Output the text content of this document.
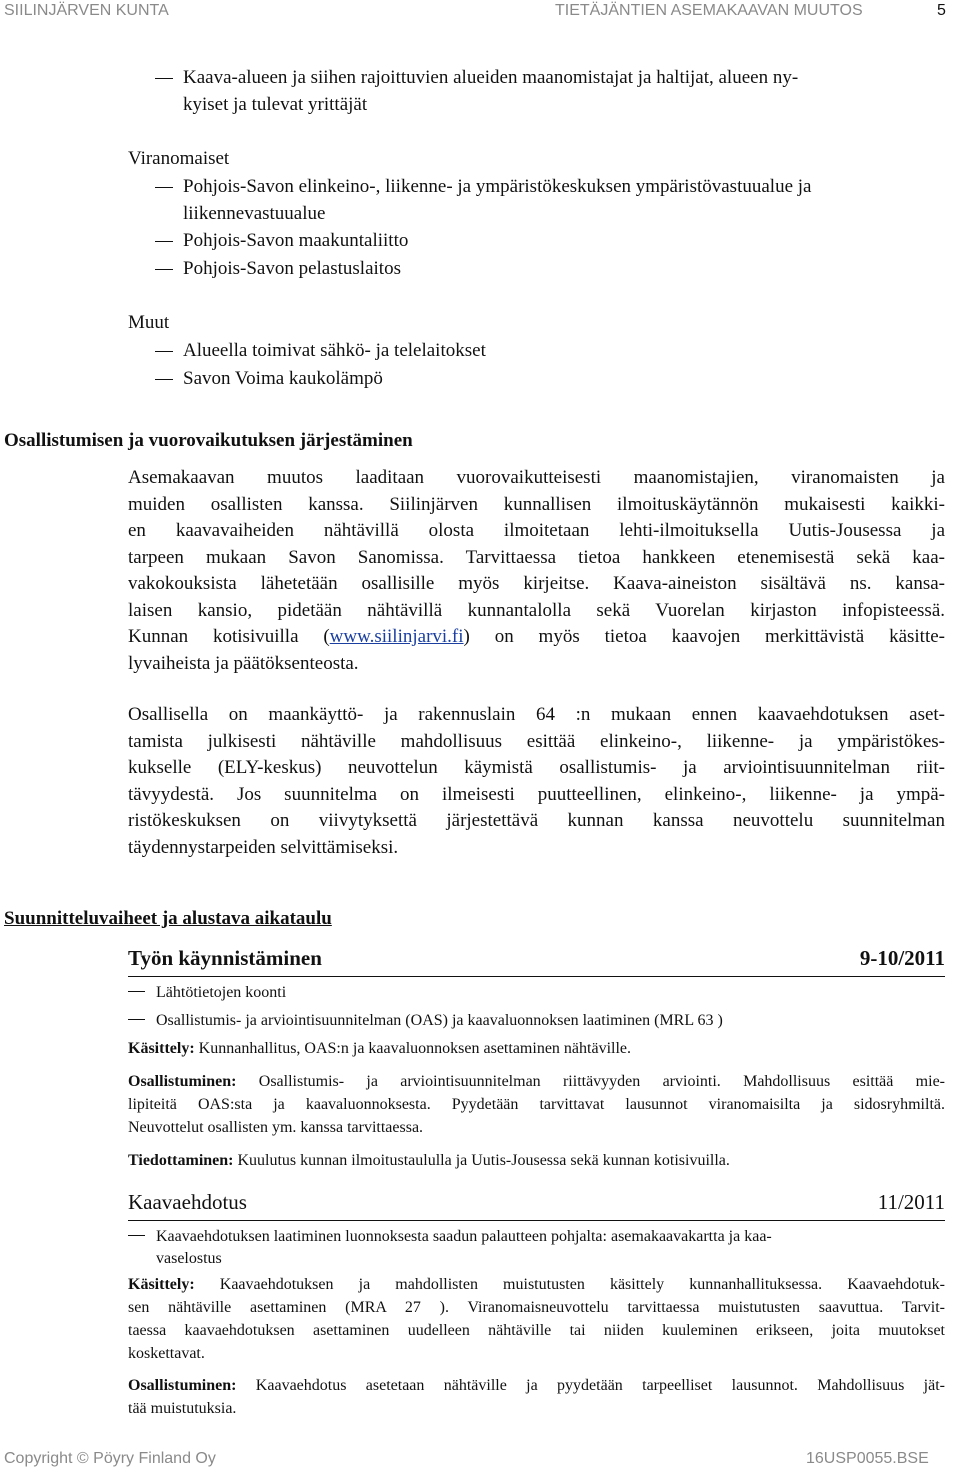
SIILINJÄRVEN KUNTA	TIETÄJÄNTIEN ASEMAKAAVAN MUUTOS	5
Kaava-alueen ja siihen rajoittuvien alueiden maanomistajat ja haltijat, alueen ny-
kyiset ja tulevat yrittäjät
Viranomaiset
Pohjois-Savon elinkeino-, liikenne- ja ympäristökeskuksen ympäristövastuualue ja
liikennevastuualue
Pohjois-Savon maakuntaliitto
Pohjois-Savon pelastuslaitos
Muut
Alueella toimivat sähkö- ja telelaitokset
Savon Voima kaukolämpö
Osallistumisen ja vuorovaikutuksen järjestäminen
Asemakaavan muutos laaditaan vuorovaikutteisesti maanomistajien, viranomaisten ja
muiden osallisten kanssa. Siilinjärven kunnallisen ilmoituskäytännön mukaisesti kaikki-
en kaavavaiheiden nähtävillä olosta ilmoitetaan lehti-ilmoituksella Uutis-Jousessa ja
tarpeen mukaan Savon Sanomissa. Tarvittaessa tietoa hankkeen etenemisestä sekä kaa-
vakokouksista lähetetään osallisille myös kirjeitse. Kaava-aineiston sisältävä ns. kansa-
laisen kansio, pidetään nähtävillä kunnantalolla sekä Vuorelan kirjaston infopisteessä.
Kunnan kotisivuilla (www.siilinjarvi.fi) on myös tietoa kaavojen merkittävistä käsitte-
lyvaiheista ja päätöksenteosta.
Osallisella on maankäyttö- ja rakennuslain 64 :n mukaan ennen kaavaehdotuksen aset-
tamista julkisesti nähtäville mahdollisuus esittää elinkeino-, liikenne- ja ympäristökes-
kukselle (ELY-keskus) neuvottelun käymistä osallistumis- ja arviointisuunnitelman riit-
tävyydestä. Jos suunnitelma on ilmeisesti puutteellinen, elinkeino-, liikenne- ja ympä-
ristökeskuksen on viivytyksettä järjestettävä kunnan kanssa neuvottelu suunnitelman
täydennystarpeiden selvittämiseksi.
Suunnitteluvaiheet ja alustava aikataulu
Työn käynnistäminen	9-10/2011
Lähtötietojen koonti
Osallistumis- ja arviointisuunnitelman (OAS) ja kaavaluonnoksen laatiminen (MRL 63 )
Käsittely: Kunnanhallitus, OAS:n ja kaavaluonnoksen asettaminen nähtäville.
Osallistuminen: Osallistumis- ja arviointisuunnitelman riittävyyden arviointi. Mahdollisuus esittää mie-
lipiteitä OAS:sta ja kaavaluonnoksesta. Pyydetään tarvittavat lausunnot viranomaisilta ja sidosryhmiltä.
Neuvottelut osallisten ym. kanssa tarvittaessa.
Tiedottaminen: Kuulutus kunnan ilmoitustaululla ja Uutis-Jousessa sekä kunnan kotisivuilla.
Kaavaehdotus	11/2011
Kaavaehdotuksen laatiminen luonnoksesta saadun palautteen pohjalta: asemakaavakartta ja kaa-
vaselostus
Käsittely: Kaavaehdotuksen ja mahdollisten muistutusten käsittely kunnanhallituksessa. Kaavaehdotuk-
sen nähtäville asettaminen (MRA 27 ). Viranomaisneuvottelu tarvittaessa muistutusten saavuttua. Tarvit-
taessa kaavaehdotuksen asettaminen uudelleen nähtäville tai niiden kuuleminen erikseen, joita muutokset
koskettavat.
Osallistuminen: Kaavaehdotus asetetaan nähtäville ja pyydetään tarpeelliset lausunnot. Mahdollisuus jät-
tää muistutuksia.
Copyright © Pöyry Finland Oy	16USP0055.BSE
